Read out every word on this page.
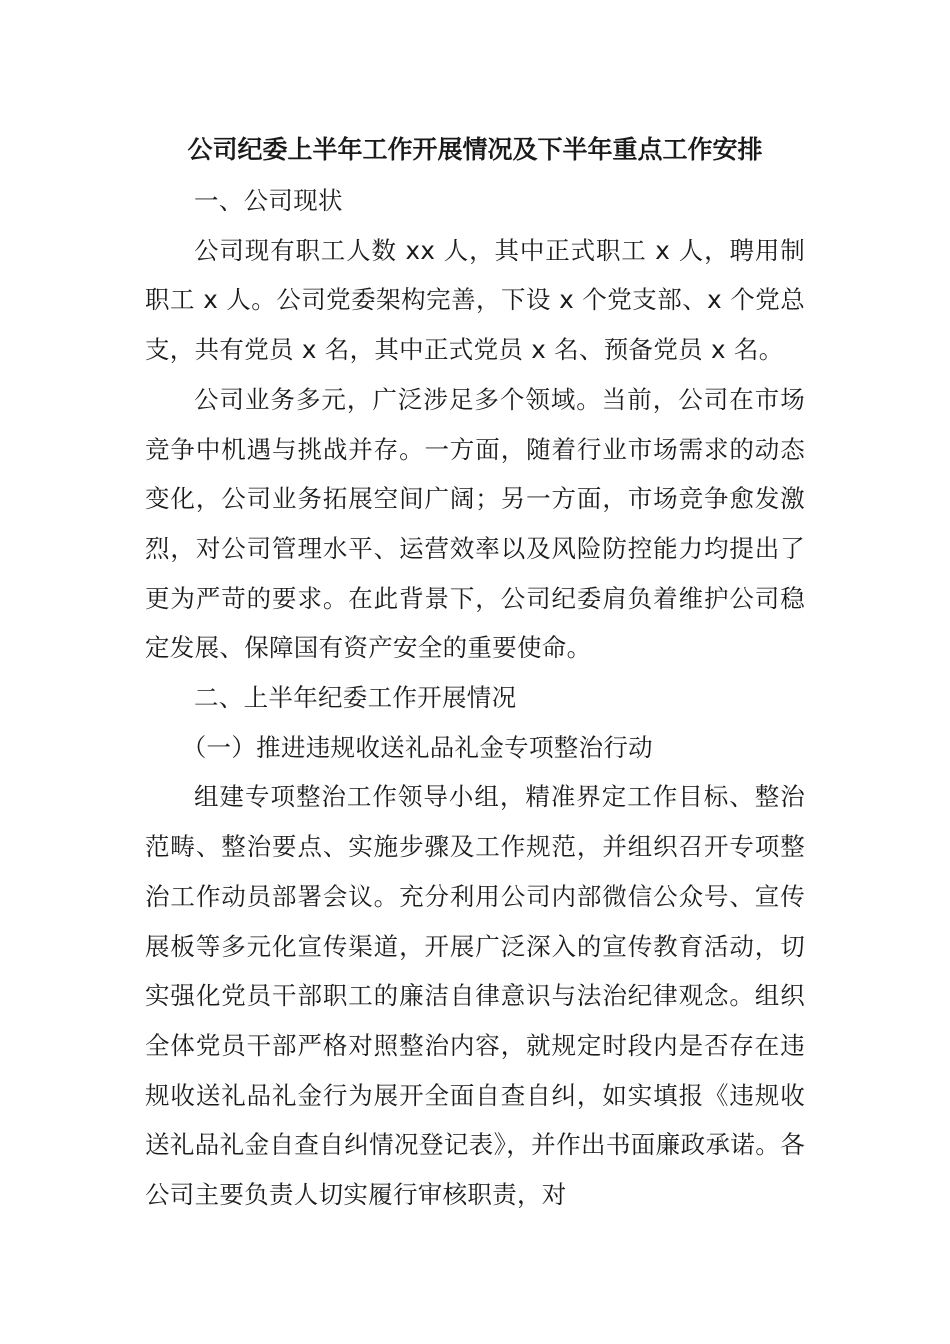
公司纪委上半年工作开展情况及下半年重点工作安排

一、公司现状

公司现有职工人数 xx 人，其中正式职工 x 人，聘用制职工 x 人。公司党委架构完善，下设 x 个党支部、x 个党总支，共有党员 x 名，其中正式党员 x 名、预备党员 x 名。

公司业务多元，广泛涉足多个领域。当前，公司在市场竞争中机遇与挑战并存。一方面，随着行业市场需求的动态变化，公司业务拓展空间广阔；另一方面，市场竞争愈发激烈，对公司管理水平、运营效率以及风险防控能力均提出了更为严苛的要求。在此背景下，公司纪委肩负着维护公司稳定发展、保障国有资产安全的重要使命。

二、上半年纪委工作开展情况

（一）推进违规收送礼品礼金专项整治行动

组建专项整治工作领导小组，精准界定工作目标、整治范畴、整治要点、实施步骤及工作规范，并组织召开专项整治工作动员部署会议。充分利用公司内部微信公众号、宣传展板等多元化宣传渠道，开展广泛深入的宣传教育活动，切实强化党员干部职工的廉洁自律意识与法治纪律观念。组织全体党员干部严格对照整治内容，就规定时段内是否存在违规收送礼品礼金行为展开全面自查自纠，如实填报《违规收送礼品礼金自查自纠情况登记表》，并作出书面廉政承诺。各公司主要负责人切实履行审核职责，对
